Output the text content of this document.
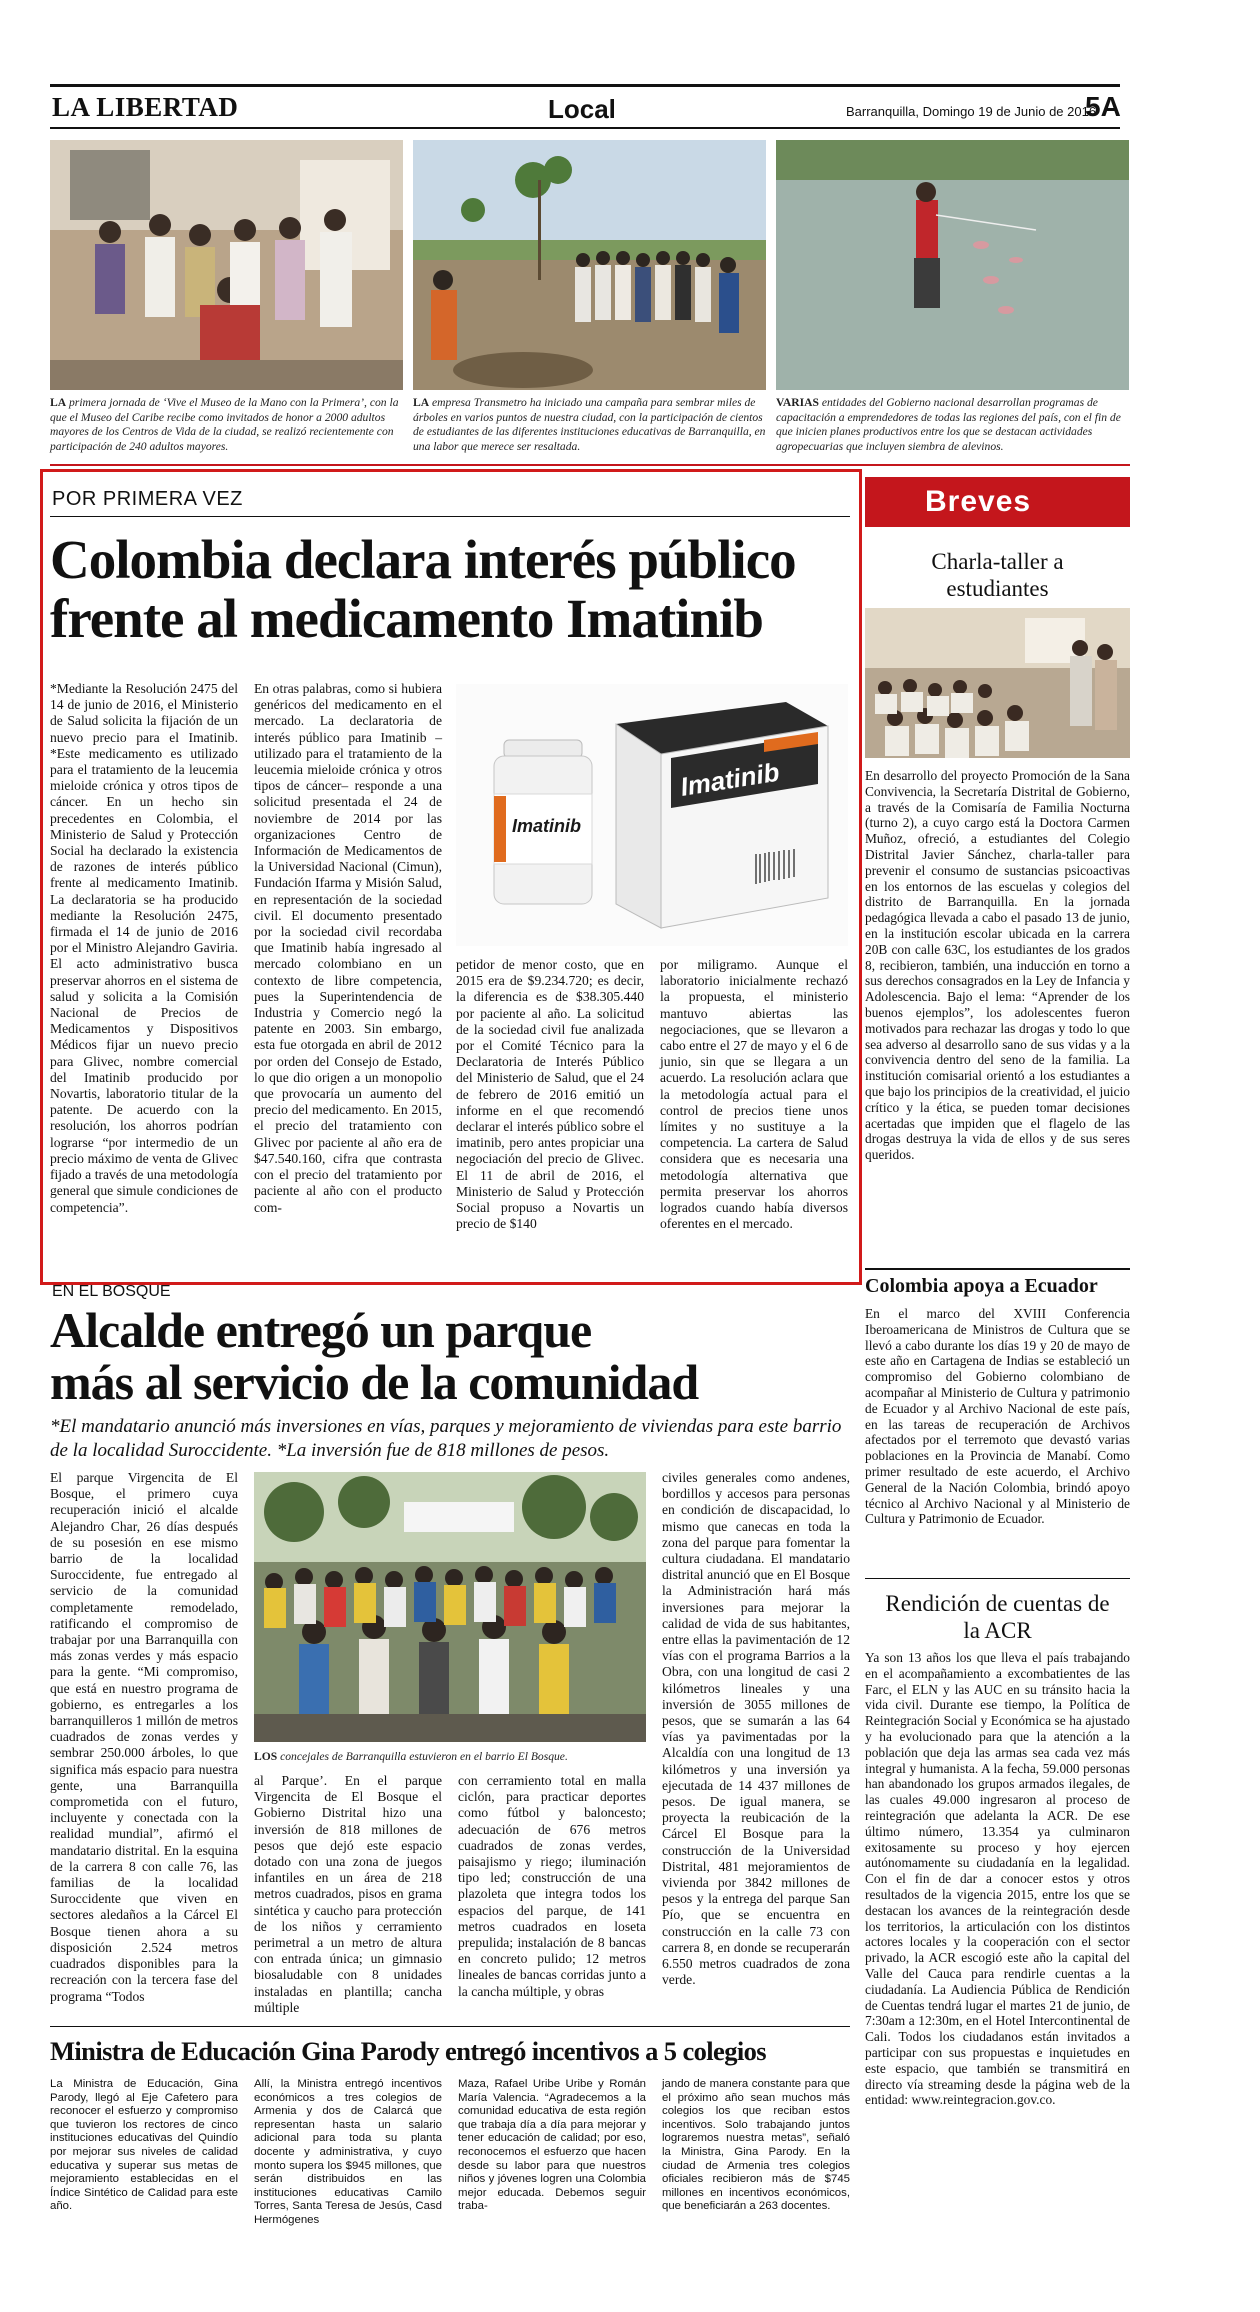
LA LIBERTAD	Local	Barranquilla, Domingo 19 de Junio de 2016
5A
LA primera jornada de ‘Vive el Museo de la Mano con la Primera’, con la que el Museo del Caribe recibe como invitados de honor a 2000 adultos mayores de los Centros de Vida de la ciudad, se realizó recientemente con participación de 240 adultos mayores.
LA empresa Transmetro ha iniciado una campaña para sembrar miles de árboles en varios puntos de nuestra ciudad, con la participación de cientos de estudiantes de las diferentes instituciones educativas de Barranquilla, en una labor que merece ser resaltada.
VARIAS entidades del Gobierno nacional desarrollan programas de capacitación a emprendedores de todas las regiones del país, con el fin de que inicien planes productivos entre los que se destacan actividades agropecuarias que incluyen siembra de alevinos.
POR PRIMERA VEZ
Colombia declara interés público
frente al medicamento Imatinib
*Mediante la Resolución 2475 del 14 de junio de 2016, el Ministerio de Salud solicita la fijación de un nuevo precio para el Imatinib. *Este medicamento es utilizado para el tratamiento de la leucemia mieloide crónica y otros tipos de cáncer. En un hecho sin precedentes en Colombia, el Ministerio de Salud y Protección Social ha declarado la existencia de razones de interés público frente al medicamento Imatinib. La declaratoria se ha producido mediante la Resolución 2475, firmada el 14 de junio de 2016 por el Ministro Alejandro Gaviria. El acto administrativo busca preservar ahorros en el sistema de salud y solicita a la Comisión Nacional de Precios de Medicamentos y Dispositivos Médicos fijar un nuevo precio para Glivec, nombre comercial del Imatinib producido por Novartis, laboratorio titular de la patente. De acuerdo con la resolución, los ahorros podrían lograrse “por intermedio de un precio máximo de venta de Glivec fijado a través de una metodología general que simule condiciones de competencia”.
En otras palabras, como si hubiera genéricos del medicamento en el mercado. La declaratoria de interés público para Imatinib –utilizado para el tratamiento de la leucemia mieloide crónica y otros tipos de cáncer– responde a una solicitud presentada el 24 de noviembre de 2014 por las organizaciones Centro de Información de Medicamentos de la Universidad Nacional (Cimun), Fundación Ifarma y Misión Salud, en representación de la sociedad civil. El documento presentado por la sociedad civil recordaba que Imatinib había ingresado al mercado colombiano en un contexto de libre competencia, pues la Superintendencia de Industria y Comercio negó la patente en 2003. Sin embargo, esta fue otorgada en abril de 2012 por orden del Consejo de Estado, lo que dio origen a un monopolio que provocaría un aumento del precio del medicamento. En 2015, el precio del tratamiento con Glivec por paciente al año era de $47.540.160, cifra que contrasta con el precio del tratamiento por paciente al año con el producto com-
Imatinib
Imatinib
petidor de menor costo, que en 2015 era de $9.234.720; es decir, la diferencia es de $38.305.440 por paciente al año. La solicitud de la sociedad civil fue analizada por el Comité Técnico para la Declaratoria de Interés Público del Ministerio de Salud, que el 24 de febrero de 2016 emitió un informe en el que recomendó declarar el interés público sobre el imatinib, pero antes propiciar una negociación del precio de Glivec. El 11 de abril de 2016, el Ministerio de Salud y Protección Social propuso a Novartis un precio de $140
por miligramo. Aunque el laboratorio inicialmente rechazó la propuesta, el ministerio mantuvo abiertas las negociaciones, que se llevaron a cabo entre el 27 de mayo y el 6 de junio, sin que se llegara a un acuerdo. La resolución aclara que la metodología actual para el control de precios tiene unos límites y no sustituye a la competencia. La cartera de Salud considera que es necesaria una metodología alternativa que permita preservar los ahorros logrados cuando había diversos oferentes en el mercado.
Breves
Charla-taller a estudiantes
En desarrollo del proyecto Promoción de la Sana Convivencia, la Secretaría Distrital de Gobierno, a través de la Comisaría de Familia Nocturna (turno 2), a cuyo cargo está la Doctora Carmen Muñoz, ofreció, a estudiantes del Colegio Distrital Javier Sánchez, charla-taller para prevenir el consumo de sustancias psicoactivas en los entornos de las escuelas y colegios del distrito de Barranquilla. En la jornada pedagógica llevada a cabo el pasado 13 de junio, en la institución escolar ubicada en la carrera 20B con calle 63C, los estudiantes de los grados 8, recibieron, también, una inducción en torno a sus derechos consagrados en la Ley de Infancia y Adolescencia. Bajo el lema: “Aprender de los buenos ejemplos”, los adolescentes fueron motivados para rechazar las drogas y todo lo que sea adverso al desarrollo sano de sus vidas y a la convivencia dentro del seno de la familia. La institución comisarial orientó a los estudiantes a que bajo los principios de la creatividad, el juicio crítico y la ética, se pueden tomar decisiones acertadas que impiden que el flagelo de las drogas destruya la vida de ellos y de sus seres queridos.
Colombia apoya a Ecuador
En el marco del XVIII Conferencia Iberoamericana de Ministros de Cultura que se llevó a cabo durante los días 19 y 20 de mayo de este año en Cartagena de Indias se estableció un compromiso del Gobierno colombiano de acompañar al Ministerio de Cultura y patrimonio de Ecuador y al Archivo Nacional de este país, en las tareas de recuperación de Archivos afectados por el terremoto que devastó varias poblaciones en la Provincia de Manabí. Como primer resultado de este acuerdo, el Archivo General de la Nación Colombia, brindó apoyo técnico al Archivo Nacional y al Ministerio de Cultura y Patrimonio de Ecuador.
Rendición de cuentas de la ACR
Ya son 13 años los que lleva el país trabajando en el acompañamiento a excombatientes de las Farc, el ELN y las AUC en su tránsito hacia la vida civil. Durante ese tiempo, la Política de Reintegración Social y Económica se ha ajustado y ha evolucionado para que la atención a la población que deja las armas sea cada vez más integral y humanista. A la fecha, 59.000 personas han abandonado los grupos armados ilegales, de las cuales 49.000 ingresaron al proceso de reintegración que adelanta la ACR. De ese último número, 13.354 ya culminaron exitosamente su proceso y hoy ejercen autónomamente su ciudadanía en la legalidad. Con el fin de dar a conocer estos y otros resultados de la vigencia 2015, entre los que se destacan los avances de la reintegración desde los territorios, la articulación con los distintos actores locales y la cooperación con el sector privado, la ACR escogió este año la capital del Valle del Cauca para rendirle cuentas a la ciudadanía. La Audiencia Pública de Rendición de Cuentas tendrá lugar el martes 21 de junio, de 7:30am a 12:30m, en el Hotel Intercontinental de Cali. Todos los ciudadanos están invitados a participar con sus propuestas e inquietudes en este espacio, que también se transmitirá en directo vía streaming desde la página web de la entidad: www.reintegracion.gov.co.
EN EL BOSQUE
Alcalde entregó un parque
más al servicio de la comunidad
*El mandatario anunció más inversiones en vías, parques y mejoramiento de viviendas para este barrio de la localidad Suroccidente. *La inversión fue de 818 millones de pesos.
El parque Virgencita de El Bosque, el primero cuya recuperación inició el alcalde Alejandro Char, 26 días después de su posesión en ese mismo barrio de la localidad Suroccidente, fue entregado al servicio de la comunidad completamente remodelado, ratificando el compromiso de trabajar por una Barranquilla con más zonas verdes y más espacio para la gente. “Mi compromiso, que está en nuestro programa de gobierno, es entregarles a los barranquilleros 1 millón de metros cuadrados de zonas verdes y sembrar 250.000 árboles, lo que significa más espacio para nuestra gente, una Barranquilla comprometida con el futuro, incluyente y conectada con la realidad mundial”, afirmó el mandatario distrital. En la esquina de la carrera 8 con calle 76, las familias de la localidad Suroccidente que viven en sectores aledaños a la Cárcel El Bosque tienen ahora a su disposición 2.524 metros cuadrados disponibles para la recreación con la tercera fase del programa “Todos
LOS concejales de Barranquilla estuvieron en el barrio El Bosque.
al Parque’. En el parque Virgencita de El Bosque el Gobierno Distrital hizo una inversión de 818 millones de pesos que dejó este espacio dotado con una zona de juegos infantiles en un área de 218 metros cuadrados, pisos en grama sintética y caucho para protección de los niños y cerramiento perimetral a un metro de altura con entrada única; un gimnasio biosaludable con 8 unidades instaladas en plantilla; cancha múltiple
con cerramiento total en malla ciclón, para practicar deportes como fútbol y baloncesto; adecuación de 676 metros cuadrados de zonas verdes, paisajismo y riego; iluminación tipo led; construcción de una plazoleta que integra todos los espacios del parque, de 141 metros cuadrados en loseta prepulida; instalación de 8 bancas en concreto pulido; 12 metros lineales de bancas corridas junto a la cancha múltiple, y obras
civiles generales como andenes, bordillos y accesos para personas en condición de discapacidad, lo mismo que canecas en toda la zona del parque para fomentar la cultura ciudadana. El mandatario distrital anunció que en El Bosque la Administración hará más inversiones para mejorar la calidad de vida de sus habitantes, entre ellas la pavimentación de 12 vías con el programa Barrios a la Obra, con una longitud de casi 2 kilómetros lineales y una inversión de 3055 millones de pesos, que se sumarán a las 64 vías ya pavimentadas por la Alcaldía con una longitud de 13 kilómetros y una inversión ya ejecutada de 14 437 millones de pesos. De igual manera, se proyecta la reubicación de la Cárcel El Bosque para la construcción de la Universidad Distrital, 481 mejoramientos de vivienda por 3842 millones de pesos y la entrega del parque San Pío, que se encuentra en construcción en la calle 73 con carrera 8, en donde se recuperarán 6.550 metros cuadrados de zona verde.
Ministra de Educación Gina Parody entregó incentivos a 5 colegios
La Ministra de Educación, Gina Parody, llegó al Eje Cafetero para reconocer el esfuerzo y compromiso que tuvieron los rectores de cinco instituciones educativas del Quindío por mejorar sus niveles de calidad educativa y superar sus metas de mejoramiento establecidas en el Índice Sintético de Calidad para este año.
Allí, la Ministra entregó incentivos económicos a tres colegios de Armenia y dos de Calarcá que representan hasta un salario adicional para toda su planta docente y administrativa, y cuyo monto supera los $945 millones, que serán distribuidos en las instituciones educativas Camilo Torres, Santa Teresa de Jesús, Casd Hermógenes
Maza, Rafael Uribe Uribe y Román María Valencia. “Agradecemos a la comunidad educativa de esta región que trabaja día a día para mejorar y tener educación de calidad; por eso, reconocemos el esfuerzo que hacen desde su labor para que nuestros niños y jóvenes logren una Colombia mejor educada. Debemos seguir traba-
jando de manera constante para que el próximo año sean muchos más colegios los que reciban estos incentivos. Solo trabajando juntos lograremos nuestra metas”, señaló la Ministra, Gina Parody. En la ciudad de Armenia tres colegios oficiales recibieron más de $745 millones en incentivos económicos, que beneficiarán a 263 docentes.
